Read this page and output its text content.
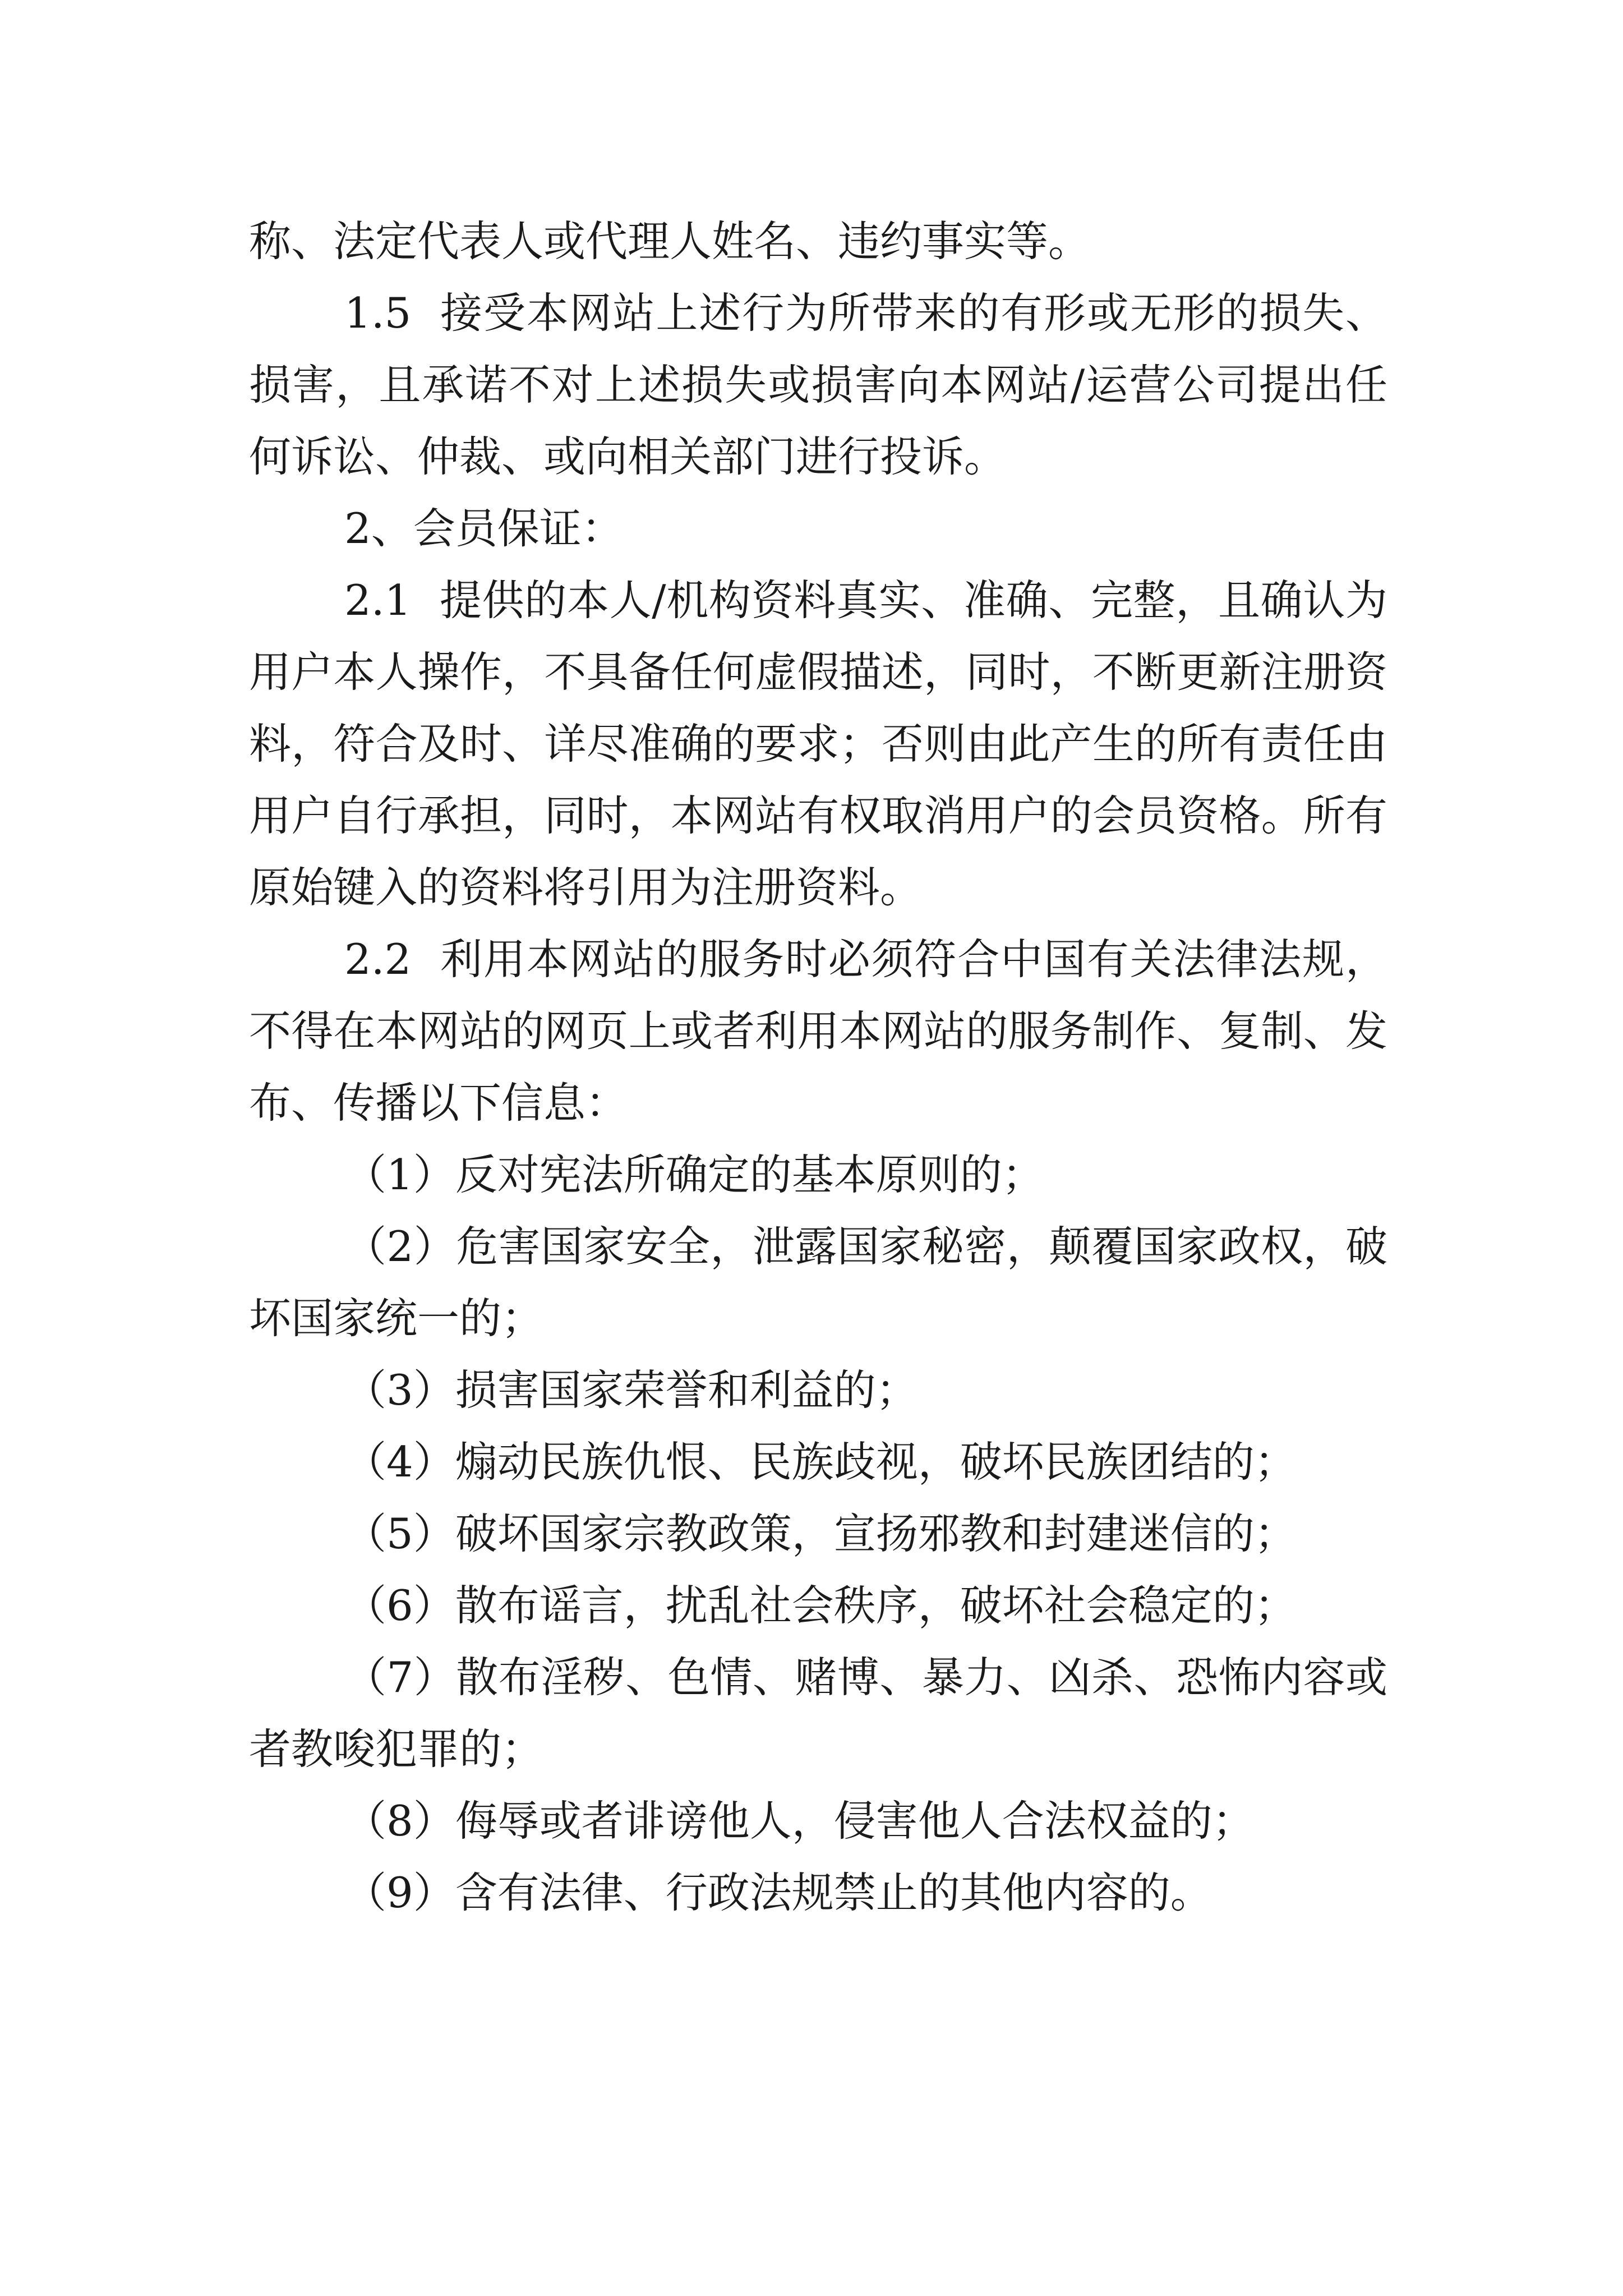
称、法定代表人或代理人姓名、违约事实等。

1.5 接受本网站上述行为所带来的有形或无形的损失、损害，且承诺不对上述损失或损害向本网站/运营公司提出任何诉讼、仲裁、或向相关部门进行投诉。

2、会员保证：

2.1 提供的本人/机构资料真实、准确、完整，且确认为用户本人操作，不具备任何虚假描述，同时，不断更新注册资料，符合及时、详尽准确的要求；否则由此产生的所有责任由用户自行承担，同时，本网站有权取消用户的会员资格。所有原始键入的资料将引用为注册资料。

2.2 利用本网站的服务时必须符合中国有关法律法规，不得在本网站的网页上或者利用本网站的服务制作、复制、发布、传播以下信息：

（1）反对宪法所确定的基本原则的；

（2）危害国家安全，泄露国家秘密，颠覆国家政权，破坏国家统一的；

（3）损害国家荣誉和利益的；

（4）煽动民族仇恨、民族歧视，破坏民族团结的；

（5）破坏国家宗教政策，宣扬邪教和封建迷信的；

（6）散布谣言，扰乱社会秩序，破坏社会稳定的；

（7）散布淫秽、色情、赌博、暴力、凶杀、恐怖内容或者教唆犯罪的；

（8）侮辱或者诽谤他人，侵害他人合法权益的；

（9）含有法律、行政法规禁止的其他内容的。
